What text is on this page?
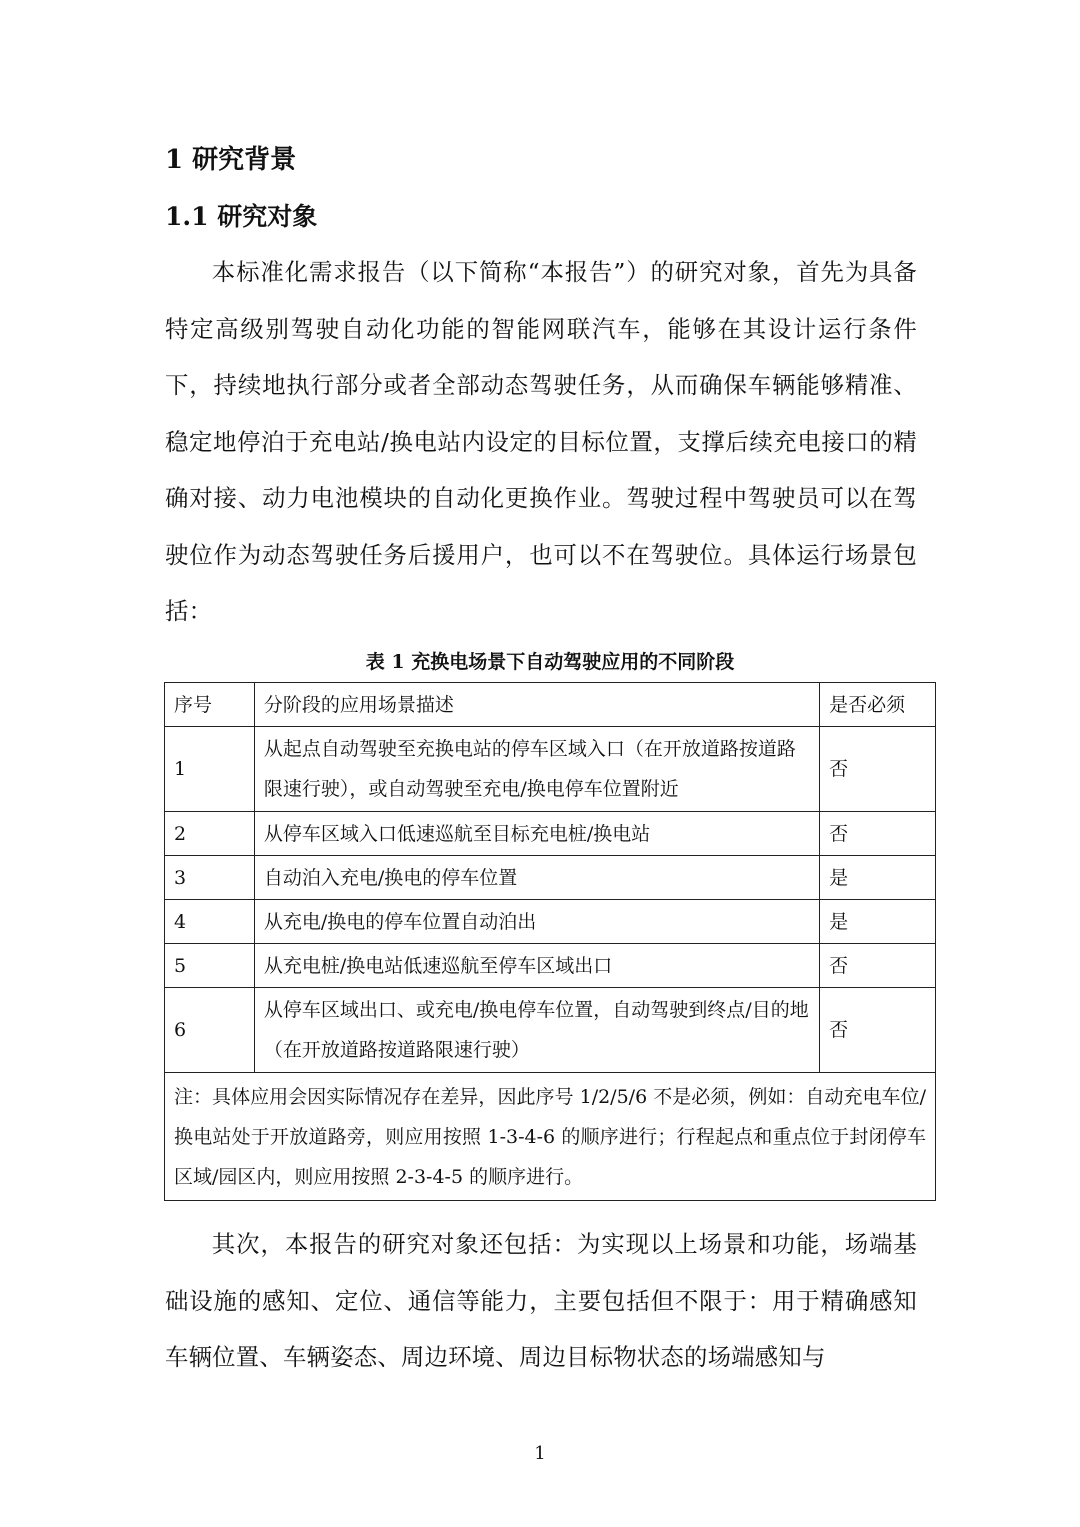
1 研究背景
1.1 研究对象
本标准化需求报告（以下简称“本报告”）的研究对象，首先为具备特定高级别驾驶自动化功能的智能网联汽车，能够在其设计运行条件下，持续地执行部分或者全部动态驾驶任务，从而确保车辆能够精准、稳定地停泊于充电站/换电站内设定的目标位置，支撑后续充电接口的精确对接、动力电池模块的自动化更换作业。驾驶过程中驾驶员可以在驾驶位作为动态驾驶任务后援用户，也可以不在驾驶位。具体运行场景包括：
表 1 充换电场景下自动驾驶应用的不同阶段
序号	分阶段的应用场景描述	是否必须
1	从起点自动驾驶至充换电站的停车区域入口（在开放道路按道路限速行驶），或自动驾驶至充电/换电停车位置附近	否
2	从停车区域入口低速巡航至目标充电桩/换电站	否
3	自动泊入充电/换电的停车位置	是
4	从充电/换电的停车位置自动泊出	是
5	从充电桩/换电站低速巡航至停车区域出口	否
6	从停车区域出口、或充电/换电停车位置，自动驾驶到终点/目的地（在开放道路按道路限速行驶）	否
注：具体应用会因实际情况存在差异，因此序号 1/2/5/6 不是必须，例如：自动充电车位/换电站处于开放道路旁，则应用按照 1-3-4-6 的顺序进行；行程起点和重点位于封闭停车区域/园区内，则应用按照 2-3-4-5 的顺序进行。		
其次，本报告的研究对象还包括：为实现以上场景和功能，场端基础设施的感知、定位、通信等能力，主要包括但不限于：用于精确感知车辆位置、车辆姿态、周边环境、周边目标物状态的场端感知与
1
